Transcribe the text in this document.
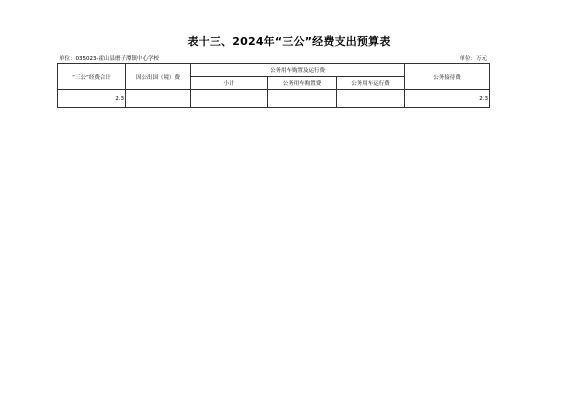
表十三、2024年“三公”经费支出预算表
单位：035023-霍山县磨子潭镇中心学校	单位：万元
“三公”经费合计	因公出国（境）费	公务用车购置及运行费			公务接待费
		小计	公务用车购置费	公务用车运行费	
2.3					2.3
